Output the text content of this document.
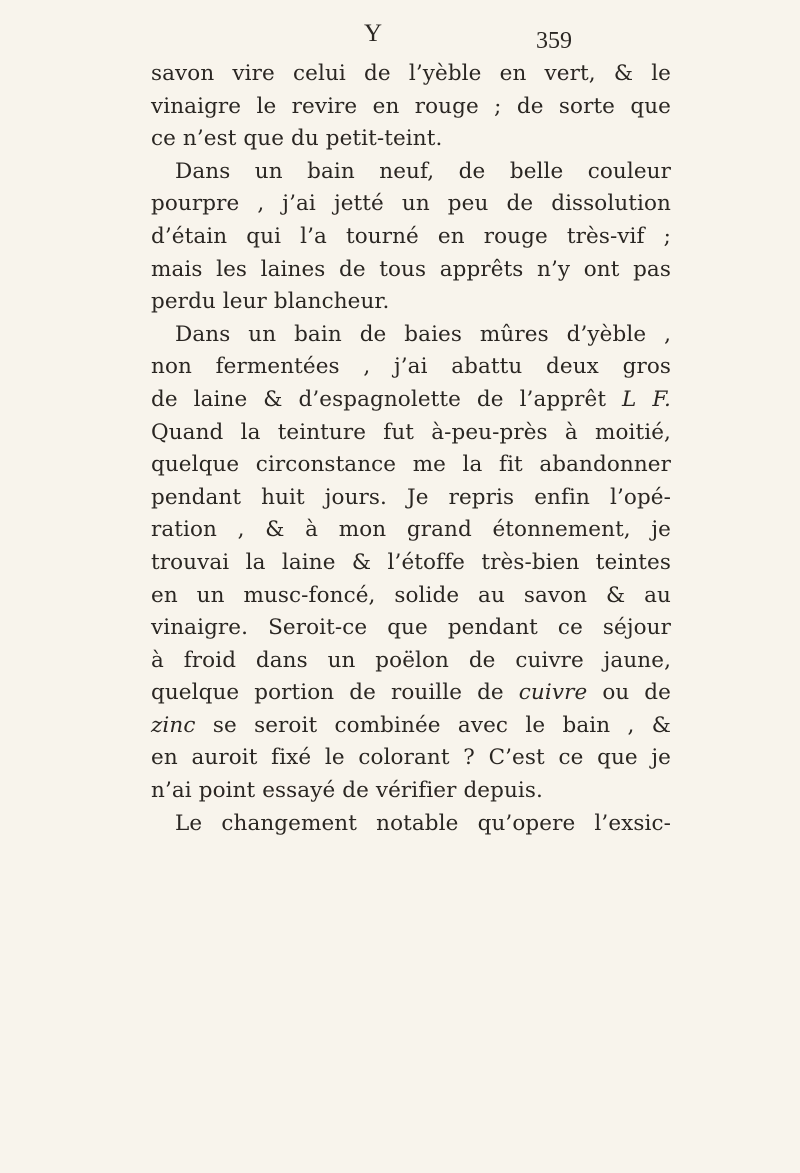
Y	359
savon vire celui de l’yèble en vert, & le
vinaigre le revire en rouge ; de sorte que
ce n’est que du petit-teint.
Dans un bain neuf, de belle couleur
pourpre , j’ai jetté un peu de dissolution
d’étain qui l’a tourné en rouge très-vif ;
mais les laines de tous apprêts n’y ont pas
perdu leur blancheur.
Dans un bain de baies mûres d’yèble ,
non fermentées , j’ai abattu deux gros
de laine & d’espagnolette de l’apprêt L F.
Quand la teinture fut à-peu-près à moitié,
quelque circonstance me la fit abandonner
pendant huit jours. Je repris enfin l’opé-
ration , & à mon grand étonnement, je
trouvai la laine & l’étoffe très-bien teintes
en un musc-foncé, solide au savon & au
vinaigre. Seroit-ce que pendant ce séjour
à froid dans un poëlon de cuivre jaune,
quelque portion de rouille de cuivre ou de
zinc se seroit combinée avec le bain , &
en auroit fixé le colorant ? C’est ce que je
n’ai point essayé de vérifier depuis.
Le changement notable qu’opere l’exsic-
